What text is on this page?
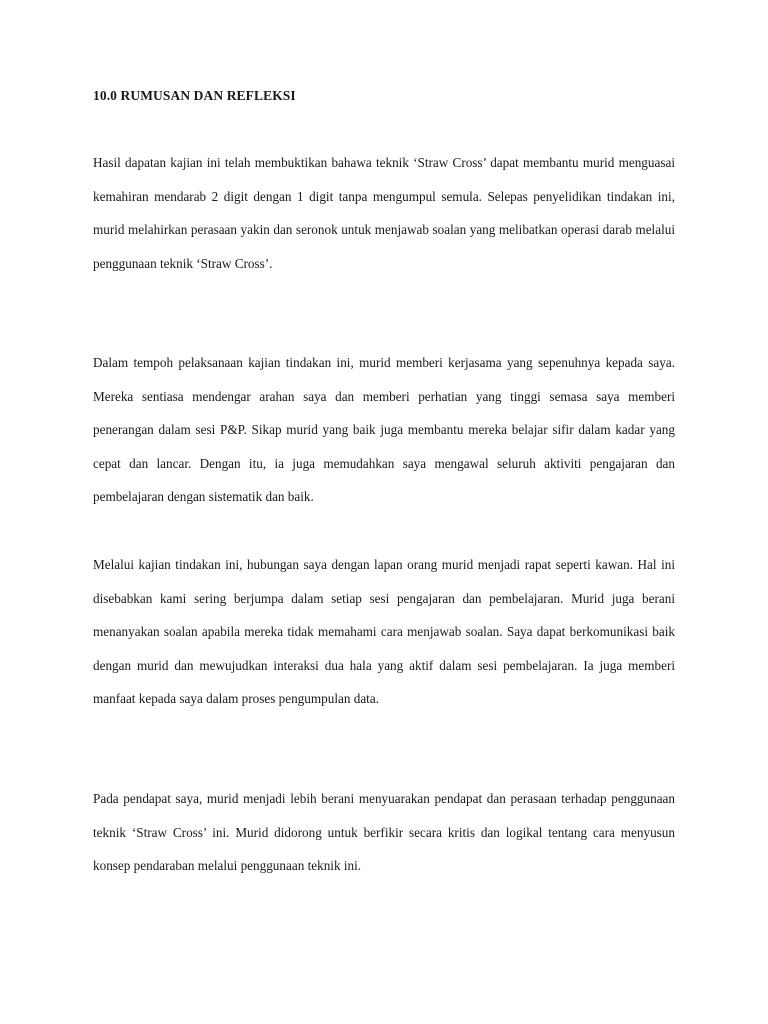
10.0 RUMUSAN DAN REFLEKSI

Hasil dapatan kajian ini telah membuktikan bahawa teknik ‘Straw Cross’ dapat membantu murid menguasai kemahiran mendarab 2 digit dengan 1 digit tanpa mengumpul semula. Selepas penyelidikan tindakan ini, murid melahirkan perasaan yakin dan seronok untuk menjawab soalan yang melibatkan operasi darab melalui penggunaan teknik ‘Straw Cross’.

Dalam tempoh pelaksanaan kajian tindakan ini, murid memberi kerjasama yang sepenuhnya kepada saya. Mereka sentiasa mendengar arahan saya dan memberi perhatian yang tinggi semasa saya memberi penerangan dalam sesi P&P. Sikap murid yang baik juga membantu mereka belajar sifir dalam kadar yang cepat dan lancar. Dengan itu, ia juga memudahkan saya mengawal seluruh aktiviti pengajaran dan pembelajaran dengan sistematik dan baik.

Melalui kajian tindakan ini, hubungan saya dengan lapan orang murid menjadi rapat seperti kawan. Hal ini disebabkan kami sering berjumpa dalam setiap sesi pengajaran dan pembelajaran. Murid juga berani menanyakan soalan apabila mereka tidak memahami cara menjawab soalan. Saya dapat berkomunikasi baik dengan murid dan mewujudkan interaksi dua hala yang aktif dalam sesi pembelajaran. Ia juga memberi manfaat kepada saya dalam proses pengumpulan data.

Pada pendapat saya, murid menjadi lebih berani menyuarakan pendapat dan perasaan terhadap penggunaan teknik ‘Straw Cross’ ini. Murid didorong untuk berfikir secara kritis dan logikal tentang cara menyusun konsep pendaraban melalui penggunaan teknik ini.
